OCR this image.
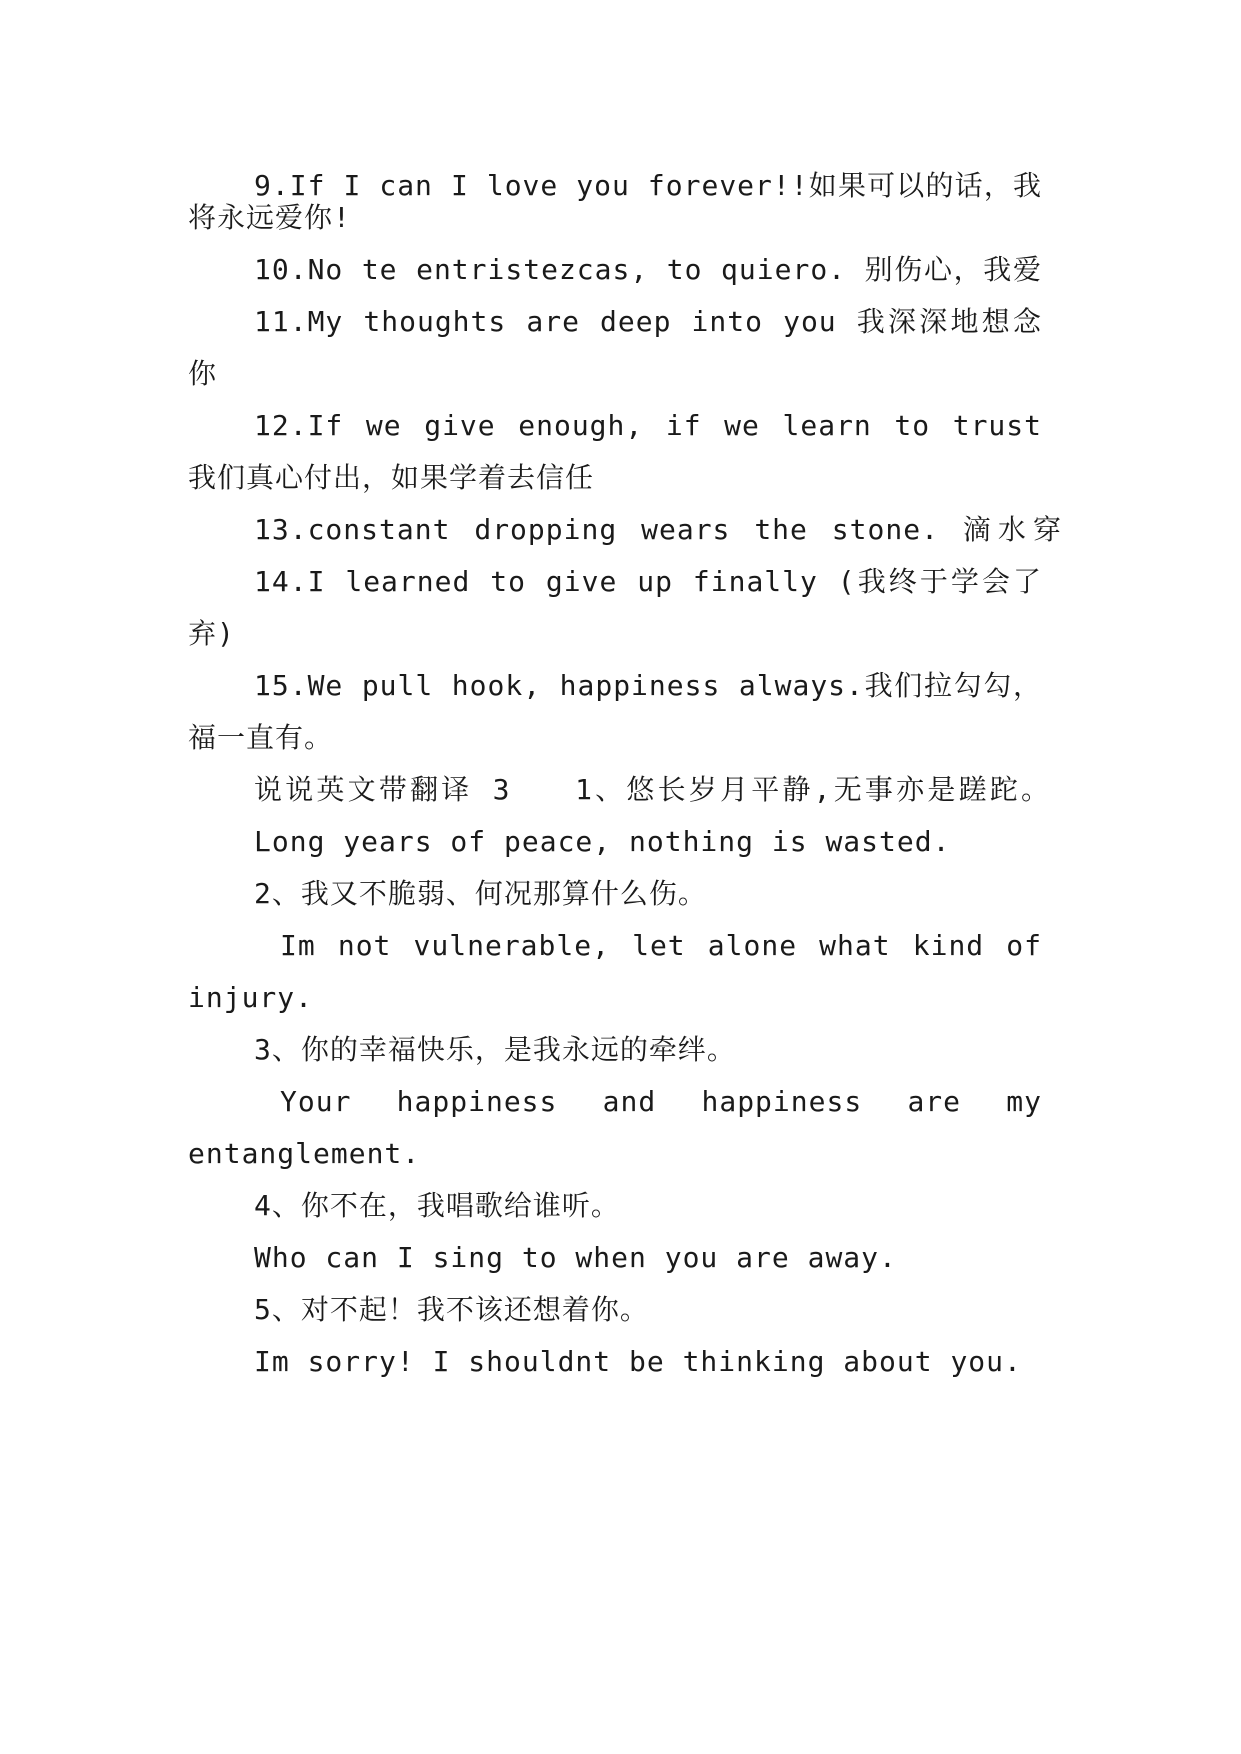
9.If I can I love you forever!!如果可以的话，我

将永远爱你!

10.No te entristezcas, to quiero. 别伤心，我爱

11.My thoughts are deep into you 我深深地想念

你

12.If we give enough, if we learn to trust

我们真心付出，如果学着去信任

13.constant dropping wears the stone. 滴水穿

14.I learned to give up finally (我终于学会了

弃)

15.We pull hook, happiness always.我们拉勾勾，

福一直有。

说说英文带翻译 3　　1、悠长岁月平静,无事亦是蹉跎。

Long years of peace, nothing is wasted.

2、我又不脆弱、何况那算什么伤。

Im not vulnerable, let alone what kind of

injury.

3、你的幸福快乐，是我永远的牵绊。

Your happiness and happiness are my

entanglement.

4、你不在，我唱歌给谁听。

Who can I sing to when you are away.

5、对不起！我不该还想着你。

Im sorry! I shouldnt be thinking about you.
